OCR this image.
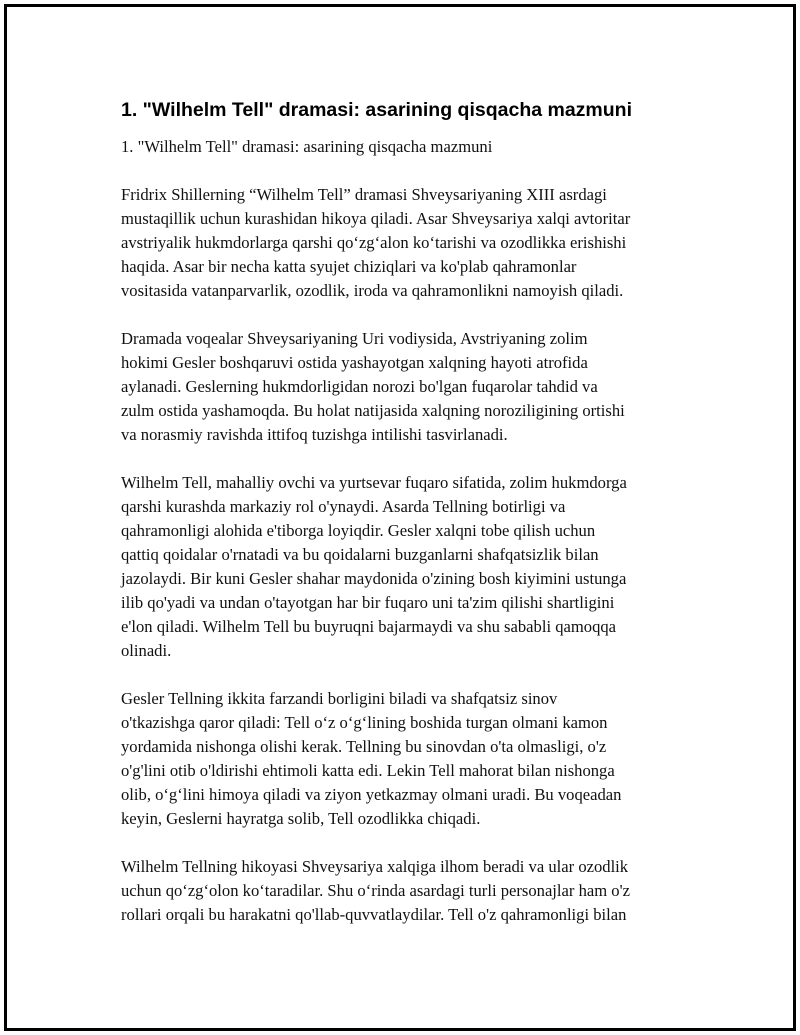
1. "Wilhelm Tell" dramasi: asarining qisqacha mazmuni
1. "Wilhelm Tell" dramasi: asarining qisqacha mazmuni
Fridrix Shillerning “Wilhelm Tell” dramasi Shveysariyaning XIII asrdagi
mustaqillik uchun kurashidan hikoya qiladi. Asar Shveysariya xalqi avtoritar
avstriyalik hukmdorlarga qarshi qoʻzgʻalon koʻtarishi va ozodlikka erishishi
haqida. Asar bir necha katta syujet chiziqlari va ko'plab qahramonlar
vositasida vatanparvarlik, ozodlik, iroda va qahramonlikni namoyish qiladi.
Dramada voqealar Shveysariyaning Uri vodiysida, Avstriyaning zolim
hokimi Gesler boshqaruvi ostida yashayotgan xalqning hayoti atrofida
aylanadi. Geslerning hukmdorligidan norozi bo'lgan fuqarolar tahdid va
zulm ostida yashamoqda. Bu holat natijasida xalqning noroziligining ortishi
va norasmiy ravishda ittifoq tuzishga intilishi tasvirlanadi.
Wilhelm Tell, mahalliy ovchi va yurtsevar fuqaro sifatida, zolim hukmdorga
qarshi kurashda markaziy rol o'ynaydi. Asarda Tellning botirligi va
qahramonligi alohida e'tiborga loyiqdir. Gesler xalqni tobe qilish uchun
qattiq qoidalar o'rnatadi va bu qoidalarni buzganlarni shafqatsizlik bilan
jazolaydi. Bir kuni Gesler shahar maydonida o'zining bosh kiyimini ustunga
ilib qo'yadi va undan o'tayotgan har bir fuqaro uni ta'zim qilishi shartligini
e'lon qiladi. Wilhelm Tell bu buyruqni bajarmaydi va shu sababli qamoqqa
olinadi.
Gesler Tellning ikkita farzandi borligini biladi va shafqatsiz sinov
o'tkazishga qaror qiladi: Tell oʻz oʻgʻlining boshida turgan olmani kamon
yordamida nishonga olishi kerak. Tellning bu sinovdan o'ta olmasligi, o'z
o'g'lini otib o'ldirishi ehtimoli katta edi. Lekin Tell mahorat bilan nishonga
olib, oʻgʻlini himoya qiladi va ziyon yetkazmay olmani uradi. Bu voqeadan
keyin, Geslerni hayratga solib, Tell ozodlikka chiqadi.
Wilhelm Tellning hikoyasi Shveysariya xalqiga ilhom beradi va ular ozodlik
uchun qoʻzgʻolon koʻtaradilar. Shu oʻrinda asardagi turli personajlar ham o'z
rollari orqali bu harakatni qo'llab-quvvatlaydilar. Tell o'z qahramonligi bilan
